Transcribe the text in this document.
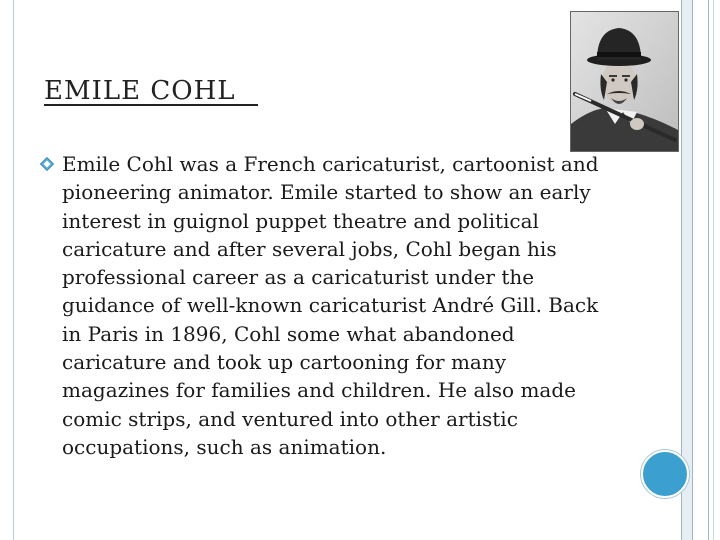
EMILE COHL

Emile Cohl was a French caricaturist, cartoonist and pioneering animator. Emile started to show an early interest in guignol puppet theatre and political caricature and after several jobs, Cohl began his professional career as a caricaturist under the guidance of well-known caricaturist André Gill. Back in Paris in 1896, Cohl some what abandoned caricature and took up cartooning for many magazines for families and children. He also made comic strips, and ventured into other artistic occupations, such as animation.
